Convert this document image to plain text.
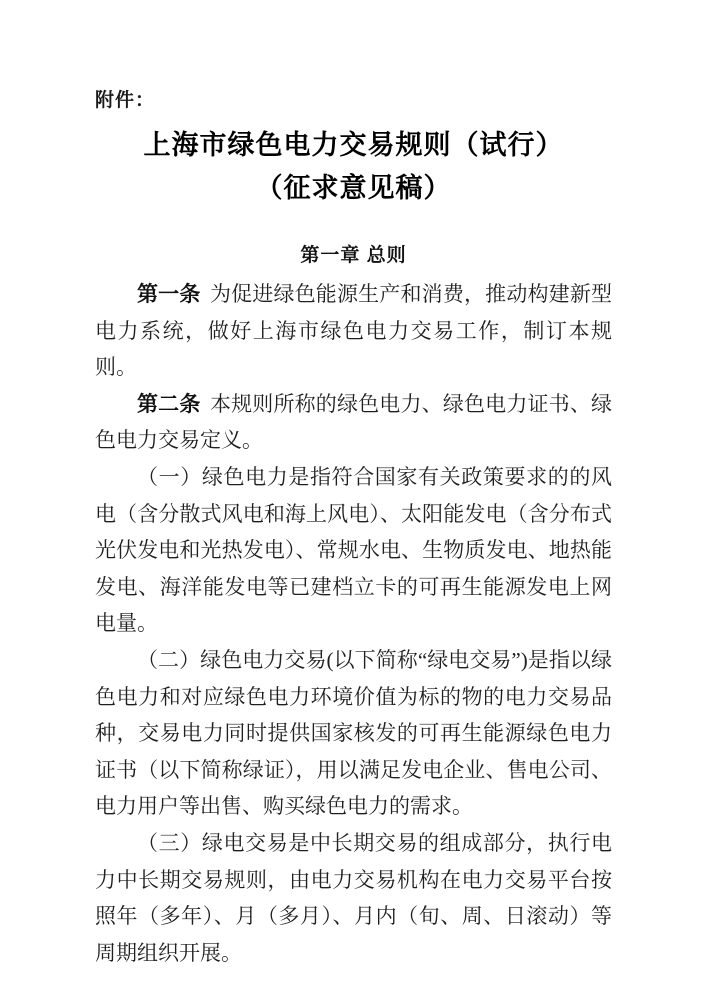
附件：
上海市绿色电力交易规则（试行）
（征求意见稿）
第一章 总则

第一条 为促进绿色能源生产和消费，推动构建新型电力系统，做好上海市绿色电力交易工作，制订本规则。

第二条 本规则所称的绿色电力、绿色电力证书、绿色电力交易定义。

（一）绿色电力是指符合国家有关政策要求的的风电（含分散式风电和海上风电）、太阳能发电（含分布式光伏发电和光热发电）、常规水电、生物质发电、地热能发电、海洋能发电等已建档立卡的可再生能源发电上网电量。

（二）绿色电力交易(以下简称“绿电交易”)是指以绿色电力和对应绿色电力环境价值为标的物的电力交易品种，交易电力同时提供国家核发的可再生能源绿色电力证书（以下简称绿证），用以满足发电企业、售电公司、电力用户等出售、购买绿色电力的需求。

（三）绿电交易是中长期交易的组成部分，执行电力中长期交易规则，由电力交易机构在电力交易平台按照年（多年）、月（多月）、月内（旬、周、日滚动）等周期组织开展。
